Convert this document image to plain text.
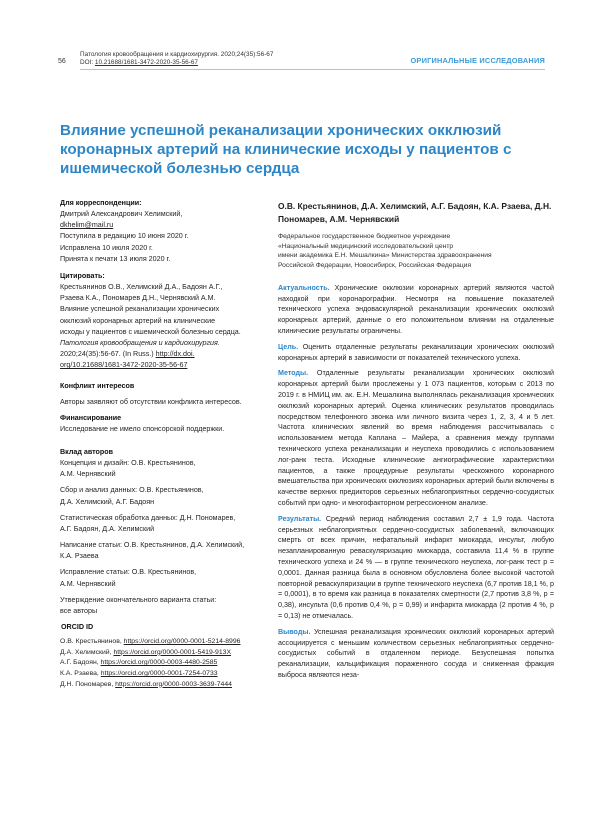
56
Патология кровообращения и кардиохирургия. 2020;24(35):56-67
DOI: 10.21688/1681-3472-2020-35-56-67	ОРИГИНАЛЬНЫЕ ИССЛЕДОВАНИЯ
Влияние успешной реканализации хронических окклюзий коронарных артерий на клинические исходы у пациентов с ишемической болезнью сердца

Для корреспонденции:

Дмитрий Александрович Хелимский,

dkhelim@mail.ru

Поступила в редакцию 10 июня 2020 г.

Исправлена 10 июля 2020 г.

Принята к печати 13 июля 2020 г.

Цитировать:

Крестьянинов О.В., Хелимский Д.А., Бадоян А.Г.,

Рзаева К.А., Пономарев Д.Н., Чернявский А.М.

Влияние успешной реканализации хронических

окклюзий коронарных артерий на клинические

исходы у пациентов с ишемической болезнью сердца.

Патология кровообращения и кардиохирургия.

2020;24(35):56-67. (In Russ.) http://dx.doi.

org/10.21688/1681-3472-2020-35-56-67

Конфликт интересов

Авторы заявляют об отсутствии конфликта интересов.

Финансирование

Исследование не имело спонсорской поддержки.

Вклад авторов

Концепция и дизайн: О.В. Крестьянинов,

А.М. Чернявский

Сбор и анализ данных: О.В. Крестьянинов,

Д.А. Хелимский, А.Г. Бадоян

Статистическая обработка данных: Д.Н. Пономарев,

А.Г. Бадоян, Д.А. Хелимский

Написание статьи: О.В. Крестьянинов, Д.А. Хелимский,

К.А. Рзаева

Исправление статьи: О.В. Крестьянинов,

А.М. Чернявский

Утверждение окончательного варианта статьи:

все авторы

ORCID ID

О.В. Крестьянинов, https://orcid.org/0000-0001-5214-8996

Д.А. Хелимский, https://orcid.org/0000-0001-5419-913X

А.Г. Бадоян, https://orcid.org/0000-0003-4480-2585

К.А. Рзаева, https://orcid.org/0000-0001-7254-0733

Д.Н. Пономарев, https://orcid.org/0000-0003-3639-7444

О.В. Крестьянинов, Д.А. Хелимский, А.Г. Бадоян, К.А. Рзаева, Д.Н. Пономарев, А.М. Чернявский
Федеральное государственное бюджетное учреждение
«Национальный медицинский исследовательский центр
имени академика Е.Н. Мешалкина» Министерства здравоохранения
Российской Федерации, Новосибирск, Российская Федерация

Актуальность. Хронические окклюзии коронарных артерий являются частой находкой при коронарографии. Несмотря на повышение показателей технического успеха эндоваскулярной реканализации хронических окклюзий коронарных артерий, данные о его положительном влиянии на отдаленные клинические результаты ограничены.

Цель. Оценить отдаленные результаты реканализации хронических окклюзий коронарных артерий в зависимости от показателей технического успеха.

Методы. Отдаленные результаты реканализации хронических окклюзий коронарных артерий были прослежены у 1 073 пациентов, которым с 2013 по 2019 г. в НМИЦ им. ак. Е.Н. Мешалкина выполнялась реканализация хронических окклюзий коронарных артерий. Оценка клинических результатов проводилась посредством телефонного звонка или личного визита через 1, 2, 3, 4 и 5 лет. Частота клинических явлений во время наблюдения рассчитывалась с использованием метода Каплана – Майера, а сравнения между группами технического успеха реканализации и неуспеха проводились с использованием лог-ранк теста. Исходные клинические ангиографические характеристики пациентов, а также процедурные результаты чрескожного коронарного вмешательства при хронических окклюзиях коронарных артерий были включены в качестве верхних предикторов серьезных неблагоприятных сердечно-сосудистых событий при одно- и многофакторном регрессионном анализе.

Результаты. Средний период наблюдения составил 2,7 ± 1,9 года. Частота серьезных неблагоприятных сердечно-сосудистых заболеваний, включающих смерть от всех причин, нефатальный инфаркт миокарда, инсульт, любую незапланированную реваскуляризацию миокарда, составила 11,4 % в группе технического успеха и 24 % — в группе технического неуспеха, лог-ранк тест p = 0,0001. Данная разница была в основном обусловлена более высокой частотой повторной реваскуляризации в группе технического неуспеха (6,7 против 18,1 %, p = 0,0001), в то время как разница в показателях смертности (2,7 против 3,8 %, p = 0,38), инсульта (0,6 против 0,4 %, p = 0,99) и инфаркта миокарда (2 против 4 %, p = 0,13) не отмечалась.

Выводы. Успешная реканализация хронических окклюзий коронарных артерий ассоциируется с меньшим количеством серьезных неблагоприятных сердечно-сосудистых событий в отдаленном периоде. Безуспешная попытка реканализации, кальцификация пораженного сосуда и сниженная фракция выброса являются неза-
